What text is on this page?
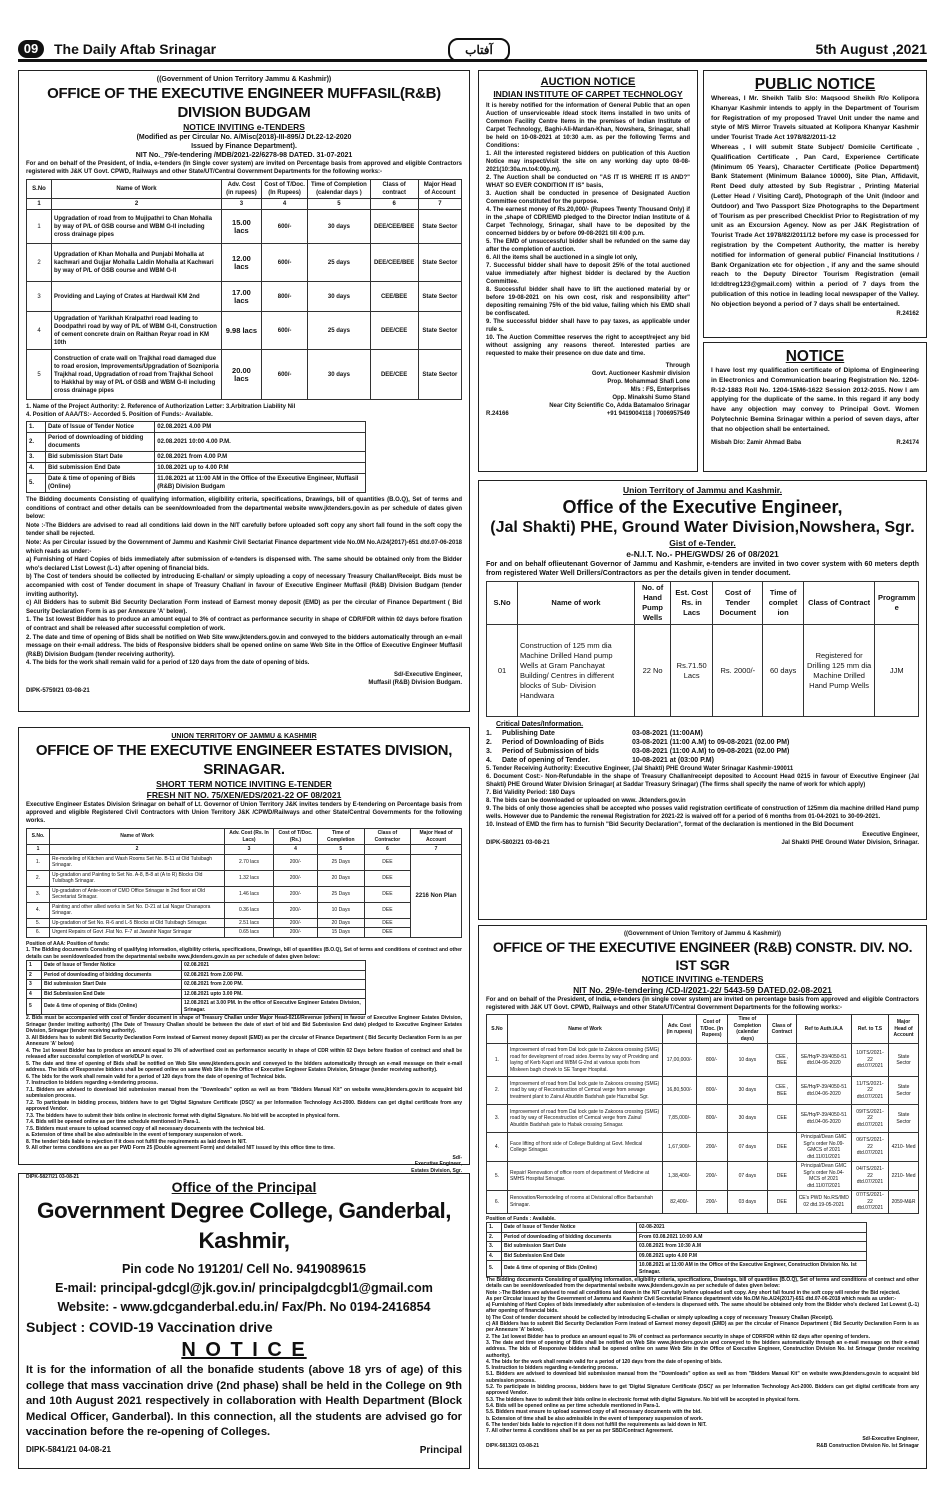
09	The Daily Aftab Srinagar	آفتاب	5th August ,2021
((Government of Union Territory Jammu & Kashmir))
OFFICE OF THE EXECUTIVE ENGINEER MUFFASIL(R&B) DIVISION BUDGAM
NOTICE INVITING e-TENDERS
(Modified as per Circular No. A/Misc(2018)-III-895/J Dt.22-12-2020
Issued by Finance Department).
NIT No._79/e-tendering /MDB/2021-22/6278-98 DATED. 31-07-2021
For and on behalf of the President, of India, e-tenders (In Single cover system) are invited on Percentage basis from approved and eligible Contractors registered with J&K UT Govt. CPWD, Railways and other State/UT/Central Government Departments for the following works:-
S.No	Name of Work	Adv. Cost (in rupees)	Cost of T/Doc. (In Rupees)	Time of Completion (calendar days )	Class of contract	Major Head of Account
1	2	3	4	5	6	7
1	Upgradation of road from to Mujipathri to Chan Mohalla by way of P/L of GSB course and WBM G-II including cross drainage pipes	15.00 lacs	600/-	30 days	DEE/CEE/BEE	State Sector
2	Upgradation of Khan Mohalla and Punjabi Mohalla at kachwari and Gujjar Mohalla Laldin Mohalla at Kachwari by way of P/L of GSB course and WBM G-II	12.00 lacs	600/-	25 days	DEE/CEE/BEE	State Sector
3	Providing and Laying of Crates at Hardwail KM 2nd	17.00 lacs	800/-	30 days	CEE/BEE	State Sector
4	Upgradation of Yarikhah Kralpathri road leading to Doodpathri road by way of P/L of WBM G-II, Construction of cement concrete drain on Raithan Reyar road in KM 10th	9.98 lacs	600/-	25 days	DEE/CEE	State Sector
5	Construction of crate wall on Trajkhal road damaged due to road erosion, Improvements/Upgradation of Sozniporia Trajkhal road, Upgradation of road from Trajkhal School to Hakkhal by way of P/L of GSB and WBM G-II including cross drainage pipes	20.00 lacs	600/-	30 days	DEE/CEE	State Sector
1. Name of the Project Authority: 2. Reference of Authorization Letter: 3.Arbitration Liability Nil
4. Position of AAA/TS:- Accorded 5. Position of Funds:- Available.
1.	Date of Issue of Tender Notice	02.08.2021 4.00 PM
2.	Period of downloading of bidding documents	02.08.2021 10:00 4.00 P.M.
3.	Bid submission Start Date	02.08.2021 from 4.00 P.M
4.	Bid submission End Date	10.08.2021 up to 4.00 P.M
5.	Date & time of opening of Bids (Online)	11.08.2021 at 11:00 AM in the Office of the Executive Engineer, Muffasil (R&B) Division Budgam
The Bidding documents Consisting of qualifying information, eligibility criteria, specifications, Drawings, bill of quantities (B.O.Q), Set of terms and conditions of contract and other details can be seen/downloaded from the departmental website www.jktenders.gov.in as per schedule of dates given below:
Note :-The Bidders are advised to read all conditions laid down in the NIT carefully before uploaded soft copy any short fall found in the soft copy the tender shall be rejected.
Note: As per Circular issued by the Government of Jammu and Kashmir Civil Sectariat Finance department vide No.0M No.A/24(2017)-651 dtd.07-06-2018 which reads as under:-
a) Furnishing of Hard Copies of bids immediately after submission of e-tenders is dispensed with. The same should be obtained only from the Bidder who's declared L1st Lowest (L-1) after opening of financial bids.
b) The Cost of tenders should be collected by introducing E-challan/ or simply uploading a copy of necessary Treasury Challan/Receipt. Bids must be accompanied with cost of Tender document in shape of Treasury Challan/ in favour of Executive Engineer Muffasil (R&B) Division Budgam (tender inviting authority).
c) All Bidders has to submit Bid Security Declaration Form instead of Earnest money deposit (EMD) as per the circular of Finance Department ( Bid Security Declaration Form is as per Annexure 'A' below).
1. The 1st lowest Bidder has to produce an amount equal to 3% of contract as performance security in shape of CDR/FDR within 02 days before fixation of contract and shall be released after successful completion of work.
2. The date and time of opening of Bids shall be notified on Web Site www.jktenders.gov.in and conveyed to the bidders automatically through an e-mail message on their e-mail address. The bids of Responsive bidders shall be opened online on same Web Site in the Office of Executive Engineer Muffasil (R&B) Division Budgam (tender receiving authority).
4. The bids for the work shall remain valid for a period of 120 days from the date of opening of bids.
Sd/-Executive Engineer,
Muffasil (R&B) Division Budgam.
DIPK-5759/21 03-08-21
AUCTION NOTICE
INDIAN INSTITUTE OF CARPET TECHNOLOGY
It is hereby notified for the information of General Public that an open Auction of unserviceable /dead stock items installed in two units of Common Facility Centre Items in the premises of Indian Institute of Carpet Technology, Baghi-Ali-Mardan-Khan, Nowshera, Srinagar, shall be held on 10-08-2021 at 10:30 a.m. as per the following Terms and Conditions:
1. All the interested registered bidders on publication of this Auction Notice may inspect/visit the site on any working day upto 08-08-2021(10:30a.m.to4:00p.m).
2. The Auction shall be conducted on "AS IT IS WHERE IT IS AND?" WHAT SO EVER CONDITION IT IS" basis,
3. Auction shall be conducted in presence of Designated Auction Committee constituted for the purpose.
4. The earnest money of Rs.20,000/- (Rupees Twenty Thousand Only) if in the ,shape of CDR/EMD pledged to the Director Indian Institute of & Carpet Technology, Srinagar, shall have to be deposited by the concerned bidders by or before 09-08-2021 till 4:00 p.m.
5. The EMD of unsuccessful bidder shall be refunded on the same day after the completion of auction.
6. All the items shall be auctioned in a single lot only,
7. Successful bidder shall have to deposit 25% of the total auctioned value immediately after highest bidder is declared by the Auction Committee.
8. Successful bidder shall have to lift the auctioned material by or before 19-08-2021 on his own cost, risk and responsibility after" depositing remaining 75% of the bid value, failing which his EMD shall be confiscated.
9. The successful bidder shall have to pay taxes, as applicable under rule s.
10. The Auction Committee reserves the right to accept/reject any bid without assigning any reasons thereof. Interested parties are requested to make their presence on due date and time.
Through
Govt. Auctioneer Kashmir division
Prop. Mohammad Shafi Lone
M/s : FS, Enterprises
Opp. Minakshi Sumo Stand
Near City Scientific Co, Adda Batamaloo Srinagar
R.24166	+91 9419004118 | 7006957549
PUBLIC NOTICE
Whereas, I Mr. Sheikh Talib S/o: Maqsood Sheikh R/o Kolipora Khanyar Kashmir intends to apply in the Department of Tourism for Registration of my proposed Travel Unit under the name and style of M/S Mirror Travels situated at Kolipora Khanyar Kashmir under Tourist Trade Act 1978/82/2011-12
Whereas , I will submit State Subject/ Domicile Certificate , Qualification Certificate , Pan Card, Experience Certificate (Minimum 05 Years), Character Certificate (Police Department) Bank Statement (Minimum Balance 10000), Site Plan, Affidavit, Rent Deed duly attested by Sub Registrar , Printing Material (Letter Head / Visiting Card), Photograph of the Unit (Indoor and Outdoor) and Two Passport Size Photographs to the Department of Tourism as per prescribed Checklist Prior to Registration of my unit as an Excursion Agency. Now as per J&K Registration of Tourist Trade Act 1978/82/2011/12 before my case is processed for registration by the Competent Authority, the matter is hereby notified for information of general public/ Financial Institutions / Bank Organization etc for objection , if any and the same should reach to the Deputy Director Tourism Registration (email Id:ddtreg123@gmail.com) within a period of 7 days from the publication of this notice in leading local newspaper of the Valley. No objection beyond a period of 7 days shall be entertained.
R.24162
NOTICE
I have lost my qualification certificate of Diploma of Engineering in Electronics and Communication bearing Registration No. 1204-R-12-1883 Roll No. 1204-15M6-1622 Session 2012-2015. Now I am applying for the duplicate of the same. In this regard if any body have any objection may convey to Principal Govt. Women Polytechnic Bemina Srinagar within a period of seven days, after that no objection shall be entertained.
Misbah D/o: Zamir Ahmad Baba	R.24174
Union Territory of Jammu and Kashmir.
Office of the Executive Engineer,
(Jal Shakti) PHE, Ground Water Division,Nowshera, Sgr.
Gist of e-Tender.
e-N.I.T. No.- PHE/GWDS/ 26 of 08/2021
For and on behalf oflieutenant Governor of Jammu and Kashmir, e-tenders are invited in two cover system with 60 meters depth from registered Water Well Drillers/Contractors as per the details given in tender document.
S.No	Name of work	No. of Hand Pump Wells	Est. Cost Rs. in Lacs	Cost of Tender Document	Time of complet ion	Class of Contract	Programm e
01	Construction of 125 mm dia Machine Drilled Hand pump Wells at Gram Panchayat Building/ Centres in different blocks of Sub- Division Handwara	22 No	Rs.71.50 Lacs	Rs. 2000/-	60 days	Registered for Drilling 125 mm dia Machine Drilled Hand Pump Wells	JJM
Critical Dates/Information.
1.	Publishing Date	03-08-2021 (11:00AM)
2.	Period of Downloading of Bids	03-08-2021 (11:00 A.M) to 09-08-2021 (02.00 PM)
3.	Period of Submission of bids	03-08-2021 (11:00 A.M) to 09-08-2021 (02.00 PM)
4.	Date of opening of Tender.	10-08-2021 at (03:00 P.M)
5. Tender Receiving Authority: Executive Engineer, (Jal Shakti) PHE Ground Water Srinagar Kashmir-190011
6. Document Cost:- Non-Refundable in the shape of Treasury Challan/receipt deposited to Account Head 0215 in favour of Executive Engineer (Jal Shakti) PHE Ground Water Division Srinagar( at Saddar Treasury Srinagar) (The firms shall specify the name of work for which apply)
7. Bid Validity Period: 180 Days
8. The bids can be downloaded or uploaded on www. Jktenders.gov.in
9. The bids of only those agencies shall be accepted who posses valid registration certificate of construction of 125mm dia machine drilled Hand pump wells. However due to Pandemic the renewal Registration for 2021-22 is waived off for a period of 6 months from 01-04-2021 to 30-09-2021.
10. Instead of EMD the firm has to furnish "Bid Security Declaration", format of the declaration is mentioned in the Bid Document
Executive Engineer,
DIPK-5802/21 03-08-21	Jal Shakti PHE Ground Water Division, Srinagar.
UNION TERRITORY OF JAMMU & KASHMIR
OFFICE OF THE EXECUTIVE ENGINEER ESTATES DIVISION, SRINAGAR.
SHORT TERM NOTICE INVITING E-TENDER
FRESH NIT NO. 75/XEN/EDS/2021-22 OF 08/2021
Executive Engineer Estates Division Srinagar on behalf of Lt. Governor of Union Territory J&K invites tenders by E-tendering on Percentage basis from approved and eligible Registered Civil Contractors with Union Territory J&K /CPWD/Railways and other State/Central Governments for the following works.
S.No.	Name of Work	Adv. Cost (Rs. In Lacs)	Cost of T/Doc. (Rs.)	Time of Completion	Class of Contractor	Major Head of Account
1	2	3	4	5	6	7
1.	Re-modeling of Kitchen and Wash Rooms Set No. B-11 at Old Tulsibagh Srinagar.	2.70 lacs	200/-	25 Days	DEE	2216 Non Plan
2.	Up-gradation and Painting to Set No. A-8, B-8 at (A to R) Blocks Old Tulsibagh Srinagar.	1.32 lacs	200/-	20 Days	DEE	
3.	Up-gradation of Ante-room of CMO Office Srinagar in 2nd floor at Old Secretariat Srinagar.	1.46 lacs	200/-	25 Days	DEE	
4.	Painting and other allied works in Set No. D-21 at Lal Nagar Chanapora Srinagar.	0.36 lacs	200/-	10 Days	DEE	
5.	Up-gradation of Set No. R-6 and L-5 Blocks at Old Tulsibagh Srinagar.	2.51 lacs	200/-	20 Days	DEE	
6.	Urgent Repairs of Govt .Flat No. F-7 at Jawahir Nagar Srinagar	0.65 lacs	200/-	15 Days	DEE	
Position of AAA: Position of funds:
1. The Bidding documents Consisting of qualifying information, eligibility criteria, specifications, Drawings, bill of quantities (B.O.Q), Set of terms and conditions of contract and other details can be seen/downloaded from the departmental website www.jktenders.gov.in as per schedule of dates given below:
1	Date of Issue of Tender Notice	02.08.2021
2	Period of downloading of bidding documents	02.08.2021 from 2.00 PM.
3	Bid submission Start Date	02.08.2021 from 2.00 PM.
4	Bid Submission End Date	12.08.2021 upto 3.00 PM.
5	Date & time of opening of Bids (Online)	12.08.2021 at 3.00 PM. In the office of Executive Engineer Estates Division, Srinagar.
2. Bids must be accompanied with cost of Tender document in shape of Treasury Challan under Major Head-0216/Revenue (others) in favour of Executive Engineer Estates Division, Srinagar (tender inviting authority) (The Date of Treasury Challan should be between the date of start of bid and Bid Submission End date) pledged to Executive Engineer Estates Division, Srinagar (tender receiving authority).
3. All Bidders has to submit Bid Security Declaration Form instead of Earnest money deposit (EMD) as per the circular of Finance Department ( Bid Security Declaration Form is as per Annexure 'A' below)
4. The 1st lowest Bidder has to produce an amount equal to 3% of advertised cost as performance security in shape of CDR within 02 Days before fixation of contract and shall be released after successful completion of work/DLP is over.
5. The date and time of opening of Bids shall be notified on Web Site www.jktenders.gov.in and conveyed to the bidders automatically through an e-mail message on their e-mail address. The bids of Responsive bidders shall be opened online on same Web Site in the Office of Executive Engineer Estates Division, Srinagar (tender receiving authority).
6. The bids for the work shall remain valid for a period of 120 days from the date of opening of Technical bids.
7. Instruction to bidders regarding e-tendering process.
7.1. Bidders are advised to download bid submission manual from the "Downloads" option as well as from "Bidders Manual Kit" on website www.jktenders.gov.in to acquaint bid submission process.
7.2. To participate in bidding process, bidders have to get 'Digital Signature Certificate (DSC)' as per Information Technology Act-2000. Bidders can get digital certificate from any approved Vendor.
7.3. The bidders have to submit their bids online in electronic format with digital Signature. No bid will be accepted in physical form.
7.4. Bids will be opened online as per time schedule mentioned in Para-1.
7.5. Bidders must ensure to upload scanned copy of all necessary documents with the technical bid.
a. Extension of time shall be also admissible in the event of temporary suspension of work.
8. The tender/ bids liable to rejection if it does not fulfill the requirements as laid down in NIT.
9. All other terms conditions are as per PWD Form 25 (Double agreement Form) and detailed NIT issued by this office time to time.
Sd/-
Executive Engineer,
Estates Division, Sgr.
DIPK-5827/21 03-08-21
Office of the Principal
Government Degree College, Ganderbal, Kashmir,
Pin code No 191201/ Cell No. 9419089615
E-mail: principal-gdcgl@jk.gov.in/ principalgdcgbl1@gmail.com
Website: - www.gdcganderbal.edu.in/ Fax/Ph. No 0194-2416854
Subject : COVID-19 Vaccination drive
N O T I C E
It is for the information of all the bonafide students (above 18 yrs of age) of this college that mass vaccination drive (2nd phase) shall be held in the College on 9th and 10th August 2021 respectively in collaboration with Health Department (Block Medical Officer, Ganderbal). In this connection, all the students are advised go for vaccination before the re-opening of Colleges.
DIPK-5841/21 04-08-21	Principal
((Government of Union Territory of Jammu & Kashmir))
OFFICE OF THE EXECUTIVE ENGINEER (R&B) CONSTR. DIV. NO. IST SGR
NOTICE INVITING e-TENDERS
NIT No. 29/e-tendering /CD-I/2021-22/ 5443-59 DATED.02-08-2021
For and on behalf of the President, of India, e-tenders (in single cover system) are invited on percentage basis from approved and eligible Contractors registered with J&K UT Govt. CPWD, Railways and other State/UT/Central Government Departments for the following works:-
S.No	Name of Work	Adv. Cost (in rupees)	Cost of T/Doc. (In Rupees)	Time of Completion (calendar days)	Class of Contract	Ref to Auth./A.A	Ref. to T.S	Major Head of Account
1.	Improvement of road from Dal lock gate to Zakoora crossing (SMG) road for development of road sides /berms by way of Providing and laying of Kerb Kapri and WBM G-2nd at various spots from Miskeen bagh chowk to SE Tanger Hospital.	17,00,000/-	800/-	10 days	CEE , BEE	SE/Hq/P-39/4050-51 dtd.04-06-2020	10/TS/2021-22 dtd.07/2021	State Sector
2.	Improvement of road from Dal lock gate to Zakoora crossing (SMG) road by way of Reconstruction of Cemcal verge from sewage treatment plant to Zainul Abuddin Badshah gate Hazratbal Sgr.	16,80,500/-	800/-	30 days	CEE , BEE	SE/Hq/P-39/4050-51 dtd.04-06-2020	11/TS/2021-22 dtd.07/2021	State Sector
3.	Improvement of road from Dal lock gate to Zakoora crossing (SMG) road by way of Reconstruction of Cemcal verge from Zainul Abuddin Badshah gate to Habak crossing Srinagar.	7,85,000/-	800/-	30 days	CEE	SE/Hq/P-39/4050-51 dtd.04-06-2020	09/TS/2021-22 dtd.07/2021	State Sector
4.	Face lifting of front side of College Building at Govt. Medical College Srinagar.	1,67,900/-	200/-	07 days	DEE	Principal/Dean GMC Sgr's order No.09-GMCS of 2021 dtd.11/01/2021	06/TS/2021-22 dtd.07/2021	4210- Med
5.	Repair/ Renovation of office room of department of Medicine at SMHS Hospital Srinagar.	1,38,400/-	200/-	07 days	DEE	Principal/Dean GMC Sgr's order No.04-MCS of 2021 dtd.11/07/2021	04/TS/2021-22 dtd.07/2021	2210- Med
6.	Renovation/Remodeling of rooms at Divisional office Barbarshah Srinagar.	82,400/-	200/-	03 days	DEE	CE's PWD No.RS/IMD 02 dtd.19-05-2021	07/TS/2021-22 dtd.07/2021	2059-M&R
Position of Funds : Available.
1.	Date of Issue of Tender Notice	02-08-2021
2.	Period of downloading of bidding documents	From 03.08.2021 10:00 A.M
3.	Bid submission Start Date	03.08.2021 from 10:30 A.M
4.	Bid Submission End Date	09.08.2021 upto 4.00 P.M
5.	Date & time of opening of Bids (Online)	10.08.2021 at 11:00 AM in the Office of the Executive Engineer, Construction Division No. Ist Srinagar.
The Bidding documents Consisting of qualifying information, eligibility criteria, specifications, Drawings, bill of quantities (B.O.Q), Set of terms and conditions of contract and other details can be seen/downloaded from the departmental website www.jktenders.gov.in as per schedule of dates given below:
Note :-The Bidders are advised to read all conditions laid down in the NIT carefully before uploaded soft copy. Any short fall found in the soft copy will render the Bid rejected.
As per Circular issued by the Government of Jammu and Kashmir Civil Secretariat Finance department vide No.OM No.A/24(2017)-651 dtd.07-06-2018 which reads as under:-
a) Furnishing of Hard Copies of bids immediately after submission of e-tenders is dispensed with. The same should be obtained only from the Bidder who's declared 1st Lowest (L-1) after opening of financial bids.
b) The Cost of tender document should be collected by introducing E-challan or simply uploading a copy of necessary Treasury Challan (Receipt).
c) All Bidders has to submit Bid Security Declaration Form instead of Earnest money deposit (EMD) as per the circular of Finance Department ( Bid Security Declaration Form is as per Annexure 'A' below).
2. The 1st lowest Bidder has to produce an amount equal to 3% of contract as performance security in shape of CDR/FDR within 02 days after opening of tenders.
3. The date and time of opening of Bids shall be notified on Web Site www.jktenders.gov.in and conveyed to the bidders automatically through an e-mail message on their e-mail address. The bids of Responsive bidders shall be opened online on same Web Site in the Office of Executive Engineer, Construction Division No. Ist Srinagar (tender receiving authority).
4. The bids for the work shall remain valid for a period of 120 days from the date of opening of bids.
5. Instruction to bidders regarding e-tendering process.
5.1. Bidders are advised to download bid submission manual from the "Downloads" option as well as from "Bidders Manual Kit" on website www.jktenders.gov.in to acquaint bid submission process.
5.2. To participate in bidding process, bidders have to get 'Digital Signature Certificate (DSC)' as per Information Technology Act-2000. Bidders can get digital certificate from any approved Vendor.
5.3. The bidders have to submit their bids online in electronic format with digital Signature. No bid will be accepted in physical form.
5.4. Bids will be opened online as per time schedule mentioned in Para-1.
5.5. Bidders must ensure to upload scanned copy of all necessary documents with the bid.
b. Extension of time shall be also admissible in the event of temporary suspension of work.
6. The tender/ bids liable to rejection if it does not fulfill the requirements as laid down in NIT.
7. All other terms & conditions shall be as per as per SBD/Contract Agreement.
Sd/-Executive Engineer,
DIPK-5813/21 03-08-21	R&B Construction Division No. Ist Srinagar
